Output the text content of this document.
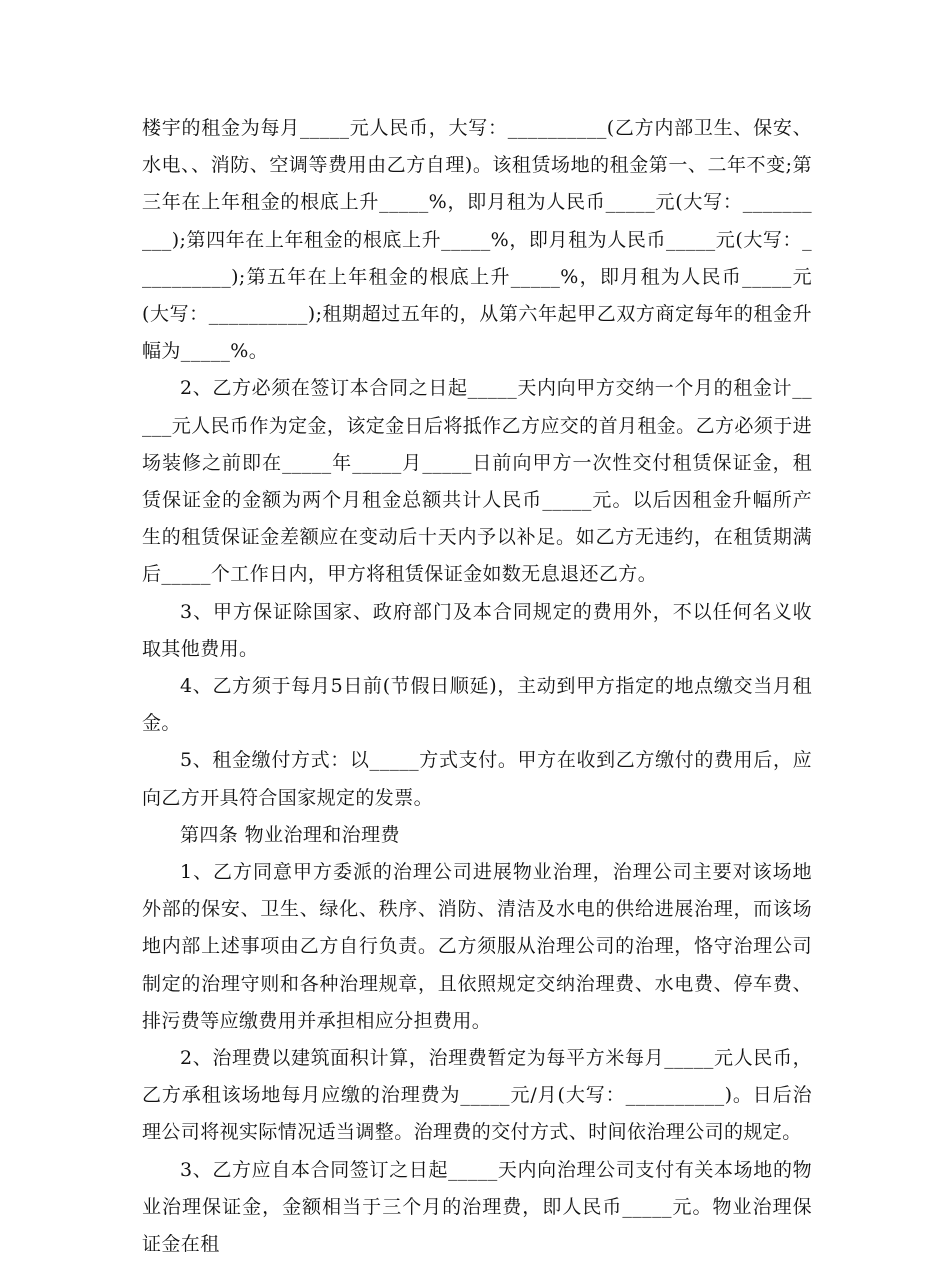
楼宇的租金为每月_____元人民币，大写：__________(乙方内部卫生、保安、水电、、消防、空调等费用由乙方自理)。该租赁场地的租金第一、二年不变;第三年在上年租金的根底上升_____%，即月租为人民币_____元(大写：__________);第四年在上年租金的根底上升_____%，即月租为人民币_____元(大写：__________);第五年在上年租金的根底上升_____%，即月租为人民币_____元(大写：__________);租期超过五年的，从第六年起甲乙双方商定每年的租金升幅为_____%。

2、乙方必须在签订本合同之日起_____天内向甲方交纳一个月的租金计_____元人民币作为定金，该定金日后将抵作乙方应交的首月租金。乙方必须于进场装修之前即在_____年_____月_____日前向甲方一次性交付租赁保证金，租赁保证金的金额为两个月租金总额共计人民币_____元。以后因租金升幅所产生的租赁保证金差额应在变动后十天内予以补足。如乙方无违约，在租赁期满后_____个工作日内，甲方将租赁保证金如数无息退还乙方。

3、甲方保证除国家、政府部门及本合同规定的费用外，不以任何名义收取其他费用。

4、乙方须于每月5日前(节假日顺延)，主动到甲方指定的地点缴交当月租金。

5、租金缴付方式：以_____方式支付。甲方在收到乙方缴付的费用后，应向乙方开具符合国家规定的发票。

第四条 物业治理和治理费

1、乙方同意甲方委派的治理公司进展物业治理，治理公司主要对该场地外部的保安、卫生、绿化、秩序、消防、清洁及水电的供给进展治理，而该场地内部上述事项由乙方自行负责。乙方须服从治理公司的治理，恪守治理公司制定的治理守则和各种治理规章，且依照规定交纳治理费、水电费、停车费、排污费等应缴费用并承担相应分担费用。

2、治理费以建筑面积计算，治理费暂定为每平方米每月_____元人民币，乙方承租该场地每月应缴的治理费为_____元/月(大写：__________)。日后治理公司将视实际情况适当调整。治理费的交付方式、时间依治理公司的规定。

3、乙方应自本合同签订之日起_____天内向治理公司支付有关本场地的物业治理保证金，金额相当于三个月的治理费，即人民币_____元。物业治理保证金在租
